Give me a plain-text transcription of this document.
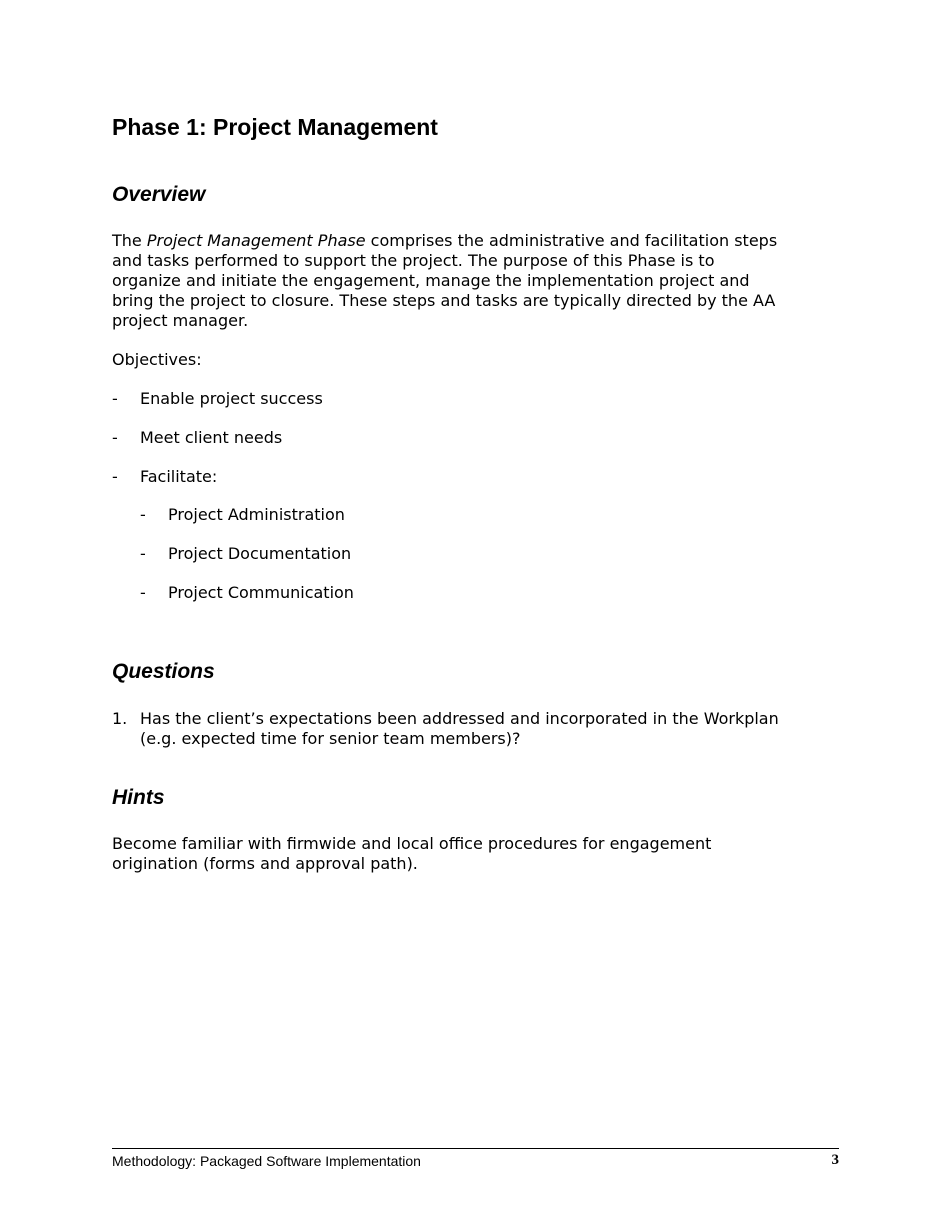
Phase 1: Project Management
Overview
The Project Management Phase comprises the administrative and facilitation steps
and tasks performed to support the project. The purpose of this Phase is to
organize and initiate the engagement, manage the implementation project and
bring the project to closure. These steps and tasks are typically directed by the AA
project manager.
Objectives:
- Enable project success
- Meet client needs
- Facilitate:
- Project Administration
- Project Documentation
- Project Communication
Questions
1. Has the client’s expectations been addressed and incorporated in the Workplan
(e.g. expected time for senior team members)?
Hints
Become familiar with firmwide and local office procedures for engagement
origination (forms and approval path).
Methodology: Packaged Software Implementation	3
